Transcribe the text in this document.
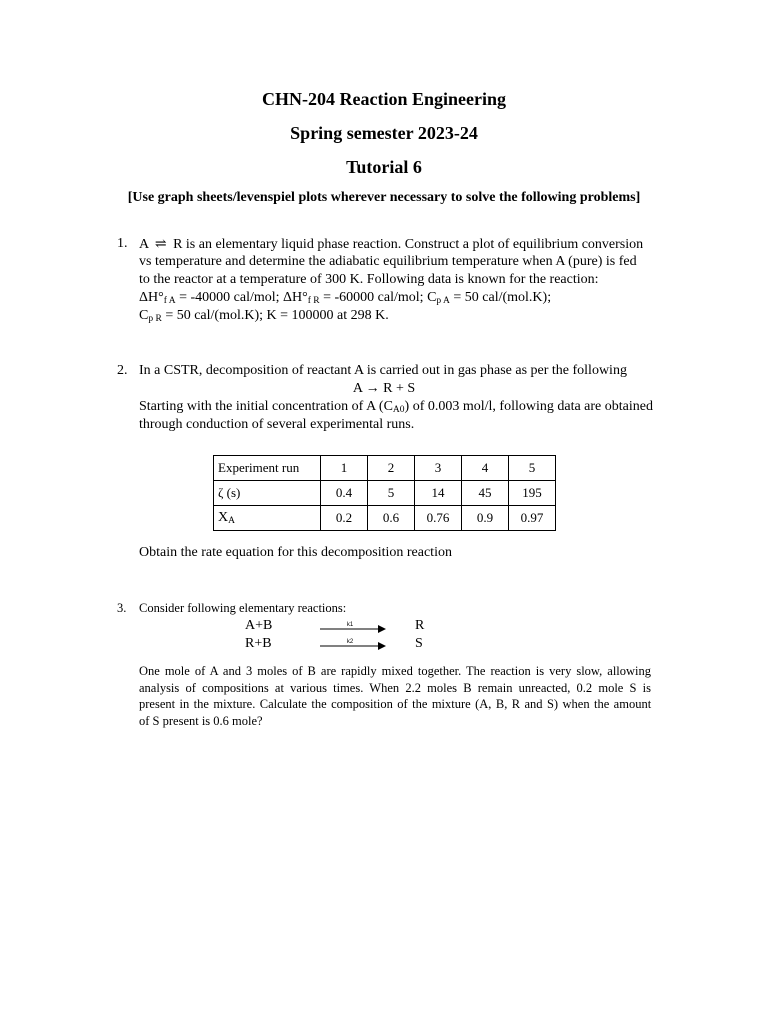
CHN-204 Reaction Engineering
Spring semester 2023-24
Tutorial 6
[Use graph sheets/levenspiel plots wherever necessary to solve the following problems]
1. A ⇌ R is an elementary liquid phase reaction. Construct a plot of equilibrium conversion
vs temperature and determine the adiabatic equilibrium temperature when A (pure) is fed
to the reactor at a temperature of 300 K. Following data is known for the reaction:
$\Delta H^\circ_{f A} = -40000$ cal/mol; $\Delta H^\circ_{f R} = -60000$ cal/mol; $C_{p A} = 50$ cal/(mol.K);
$C_{p R} = 50$ cal/(mol.K); K = 100000 at 298 K.
2. In a CSTR, decomposition of reactant A is carried out in gas phase as per the following
A → R + S
Starting with the initial concentration of A $(C_{A0})$ of 0.003 mol/l, following data are obtained
through conduction of several experimental runs.
Experiment run	1	2	3	4	5
ζ (s)	0.4	5	14	45	195
$X_A$	0.2	0.6	0.76	0.9	0.97
Obtain the rate equation for this decomposition reaction
3. Consider following elementary reactions:
A+B	k1	R
R+B	k2	S
One mole of A and 3 moles of B are rapidly mixed together. The reaction is very slow, allowing
analysis of compositions at various times. When 2.2 moles B remain unreacted, 0.2 mole S is
present in the mixture. Calculate the composition of the mixture (A, B, R and S) when the amount
of S present is 0.6 mole?
